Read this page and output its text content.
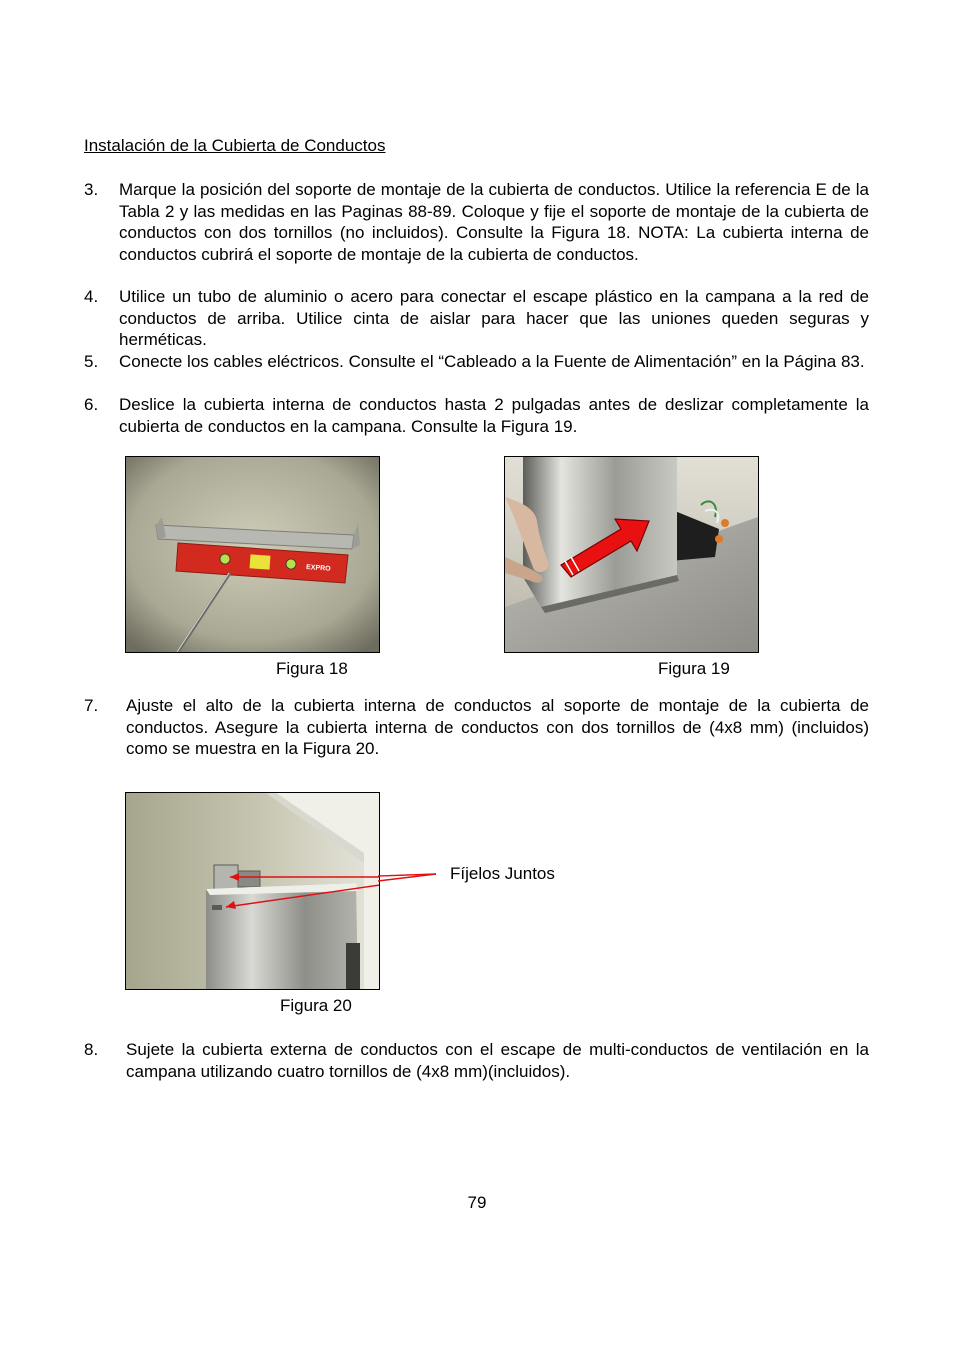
Instalación de la Cubierta de Conductos
3.	Marque la posición del soporte de montaje de la cubierta de conductos. Utilice la referencia E de la Tabla 2 y las medidas en las Paginas 88-89. Coloque y fije el soporte de montaje de la cubierta de conductos con dos tornillos (no incluidos). Consulte la Figura 18. NOTA: La cubierta interna de conductos cubrirá el soporte de montaje de la cubierta de conductos.
4.	Utilice un tubo de aluminio o acero para conectar el escape plástico en la campana a la red de conductos de arriba. Utilice cinta de aislar para hacer que las uniones queden seguras y herméticas.
5.	Conecte los cables eléctricos. Consulte el “Cableado a la Fuente de Alimentación” en la Página 83.
6.	Deslice la cubierta interna de conductos hasta 2 pulgadas antes de deslizar completamente la cubierta de conductos en la campana. Consulte la Figura 19.
EXPRO
Figura 18	Figura 19
7.	Ajuste el alto de la cubierta interna de conductos al soporte de montaje de la cubierta de conductos. Asegure la cubierta interna de conductos con dos tornillos de (4x8 mm) (incluidos) como se muestra en la Figura 20.
Fíjelos Juntos
Figura 20
8.	Sujete la cubierta externa de conductos con el escape de multi-conductos de ventilación en la campana utilizando cuatro tornillos de (4x8 mm)(incluidos).
79
